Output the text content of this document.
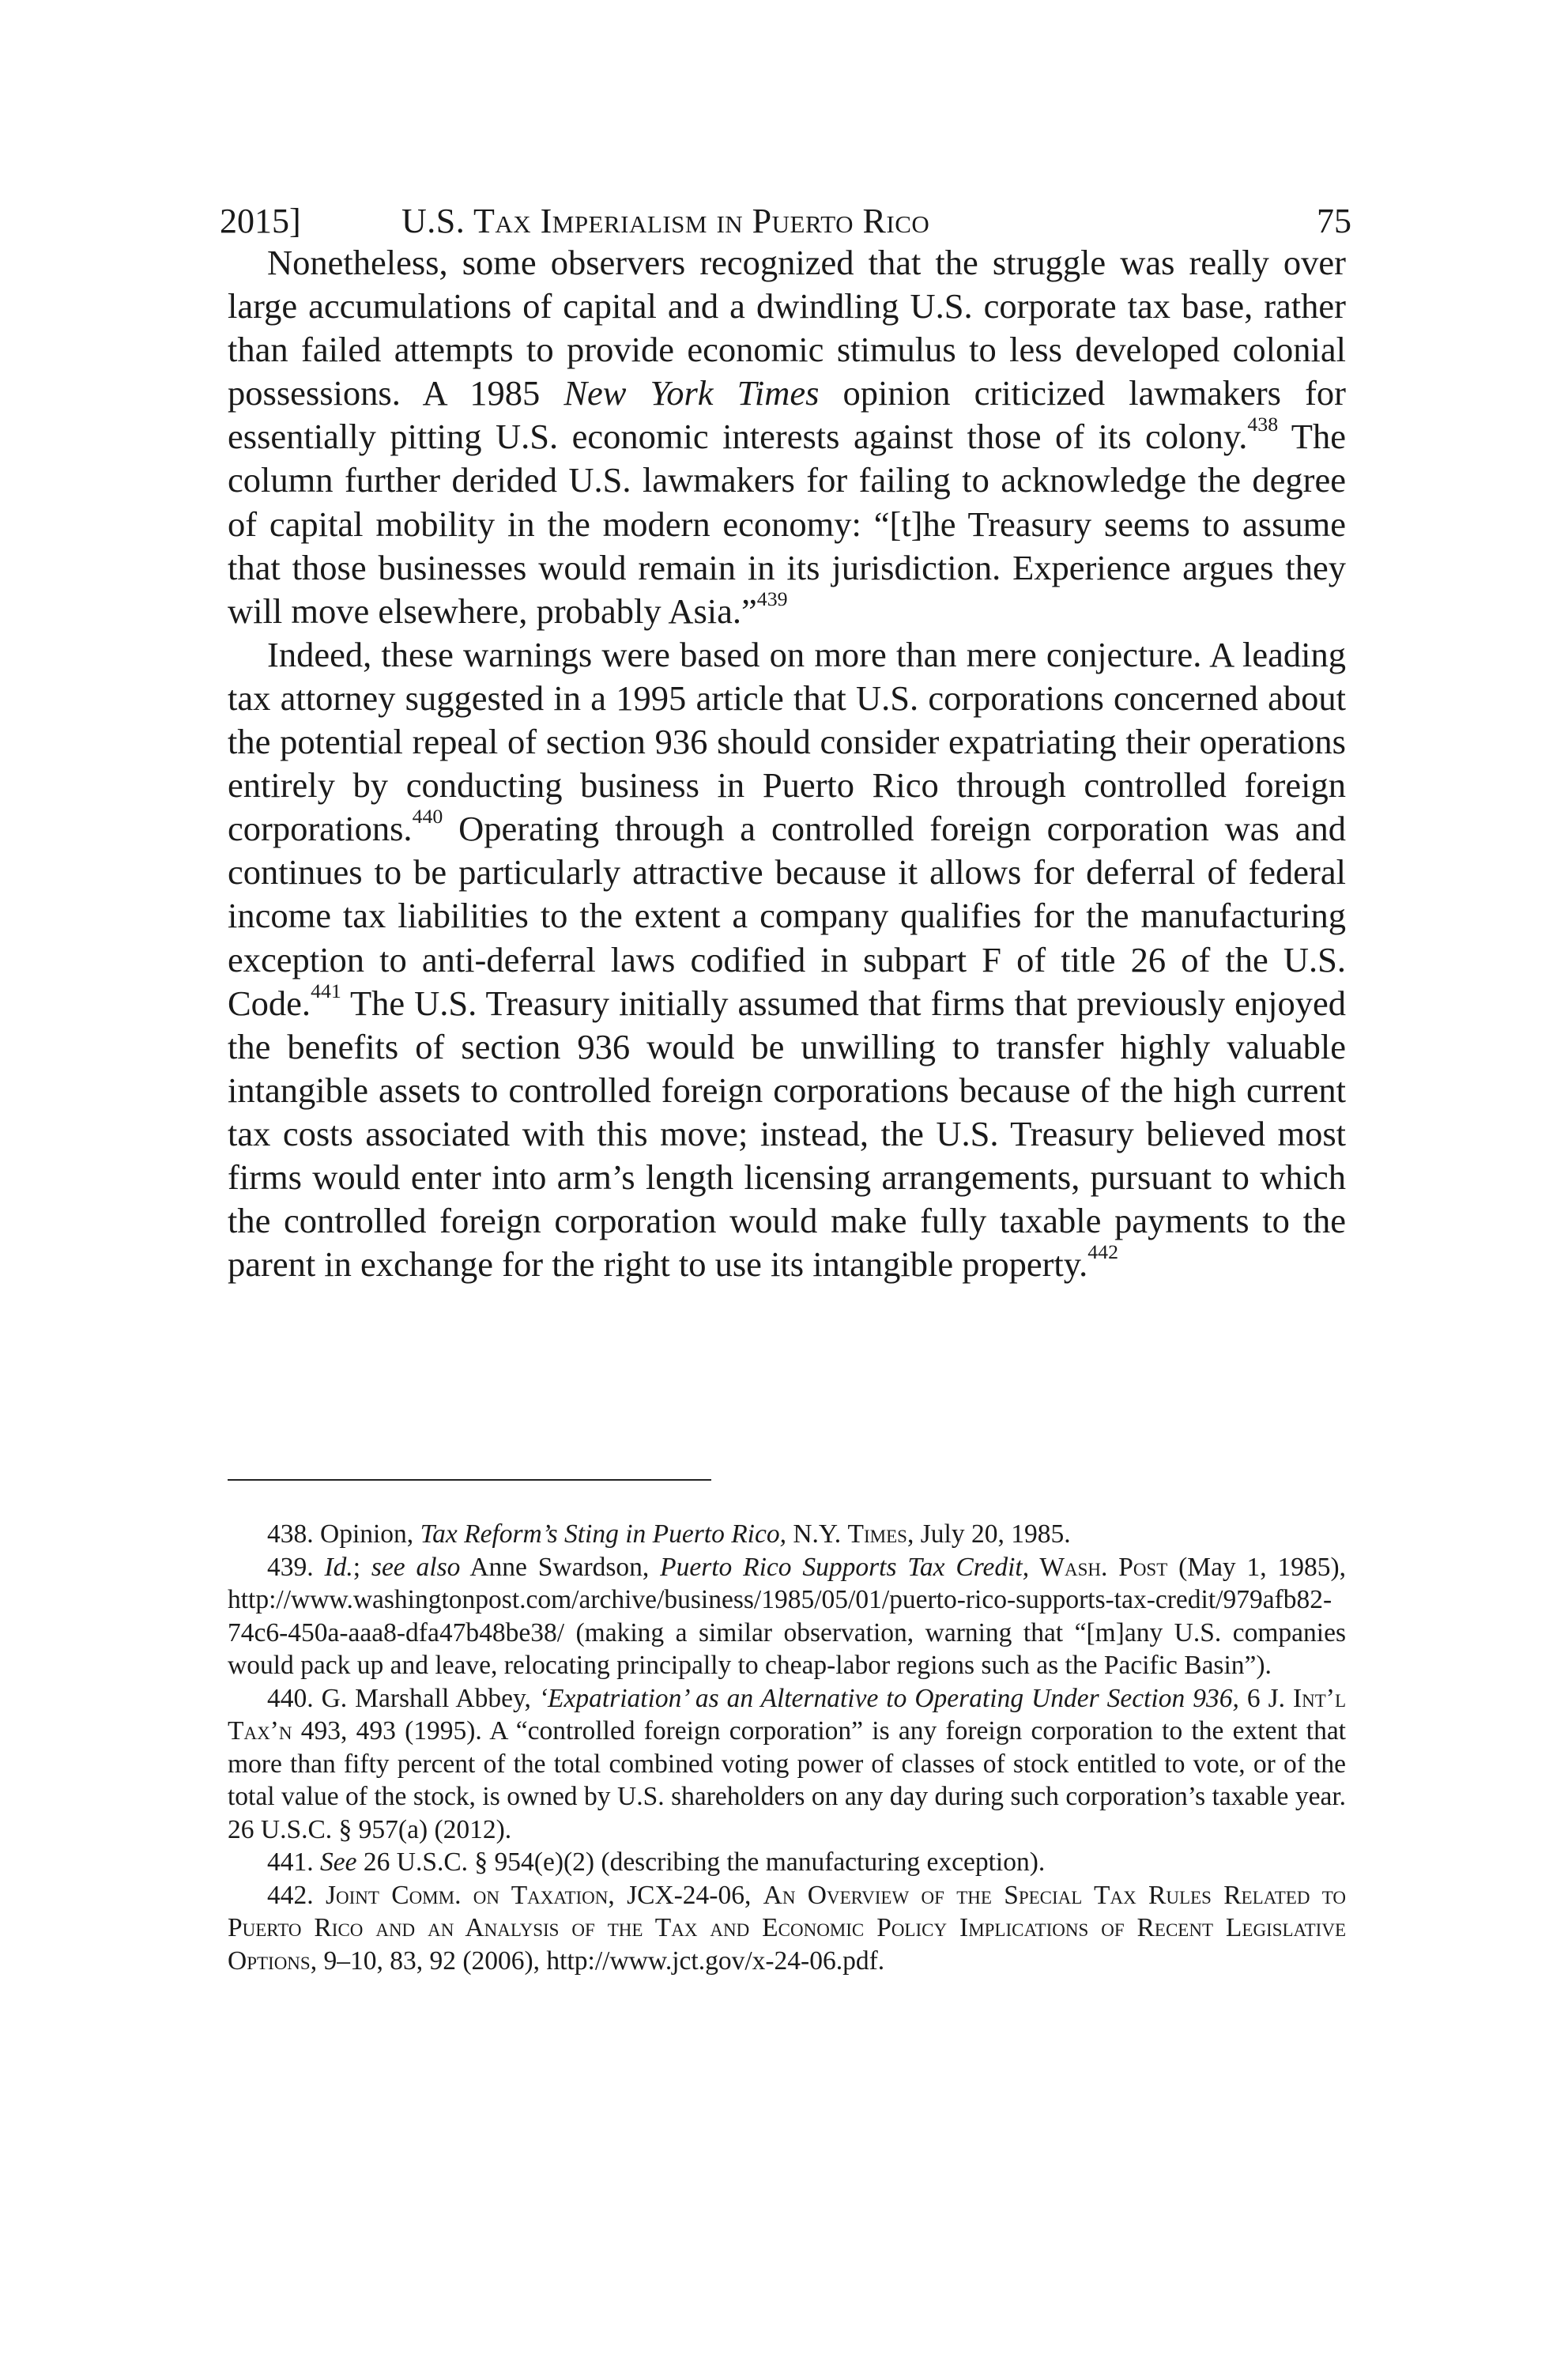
2015]	U.S. Tax Imperialism in Puerto Rico	75

Nonetheless, some observers recognized that the struggle was really over large accumulations of capital and a dwindling U.S. corporate tax base, rather than failed attempts to provide economic stimulus to less developed colonial possessions. A 1985 New York Times opinion criticized lawmakers for essentially pitting U.S. economic interests against those of its colony.$^{438}$ The column further derided U.S. lawmakers for failing to acknowledge the degree of capital mobility in the modern economy: “[t]he Treasury seems to assume that those businesses would remain in its jurisdiction. Experience argues they will move elsewhere, probably Asia.”$^{439}$

Indeed, these warnings were based on more than mere conjecture. A leading tax attorney suggested in a 1995 article that U.S. corporations concerned about the potential repeal of section 936 should consider expatriating their operations entirely by conducting business in Puerto Rico through controlled foreign corporations.$^{440}$ Operating through a controlled foreign corporation was and continues to be particularly attractive because it allows for deferral of federal income tax liabilities to the extent a company qualifies for the manufacturing exception to anti-deferral laws codified in subpart F of title 26 of the U.S. Code.$^{441}$ The U.S. Treasury initially assumed that firms that previously enjoyed the benefits of section 936 would be unwilling to transfer highly valuable intangible assets to controlled foreign corporations because of the high current tax costs associated with this move; instead, the U.S. Treasury believed most firms would enter into arm’s length licensing arrangements, pursuant to which the controlled foreign corporation would make fully taxable payments to the parent in exchange for the right to use its intangible property.$^{442}$

438. Opinion, Tax Reform’s Sting in Puerto Rico, N.Y. Times, July 20, 1985.

439. Id.; see also Anne Swardson, Puerto Rico Supports Tax Credit, Wash. Post (May 1, 1985), http://www.washingtonpost.com/archive/business/1985/05/01/puerto-rico-supports-tax-credit/979afb82-74c6-450a-aaa8-dfa47b48be38/ (making a similar observation, warning that “[m]any U.S. companies would pack up and leave, relocating principally to cheap-labor regions such as the Pacific Basin”).

440. G. Marshall Abbey, ‘Expatriation’ as an Alternative to Operating Under Section 936, 6 J. Int’l Tax’n 493, 493 (1995). A “controlled foreign corporation” is any foreign corporation to the extent that more than fifty percent of the total combined voting power of classes of stock entitled to vote, or of the total value of the stock, is owned by U.S. shareholders on any day during such corporation’s taxable year. 26 U.S.C. § 957(a) (2012).

441. See 26 U.S.C. § 954(e)(2) (describing the manufacturing exception).

442. Joint Comm. on Taxation, JCX-24-06, An Overview of the Special Tax Rules Related to Puerto Rico and an Analysis of the Tax and Economic Policy Implications of Recent Legislative Options, 9–10, 83, 92 (2006), http://www.jct.gov/x-24-06.pdf.
